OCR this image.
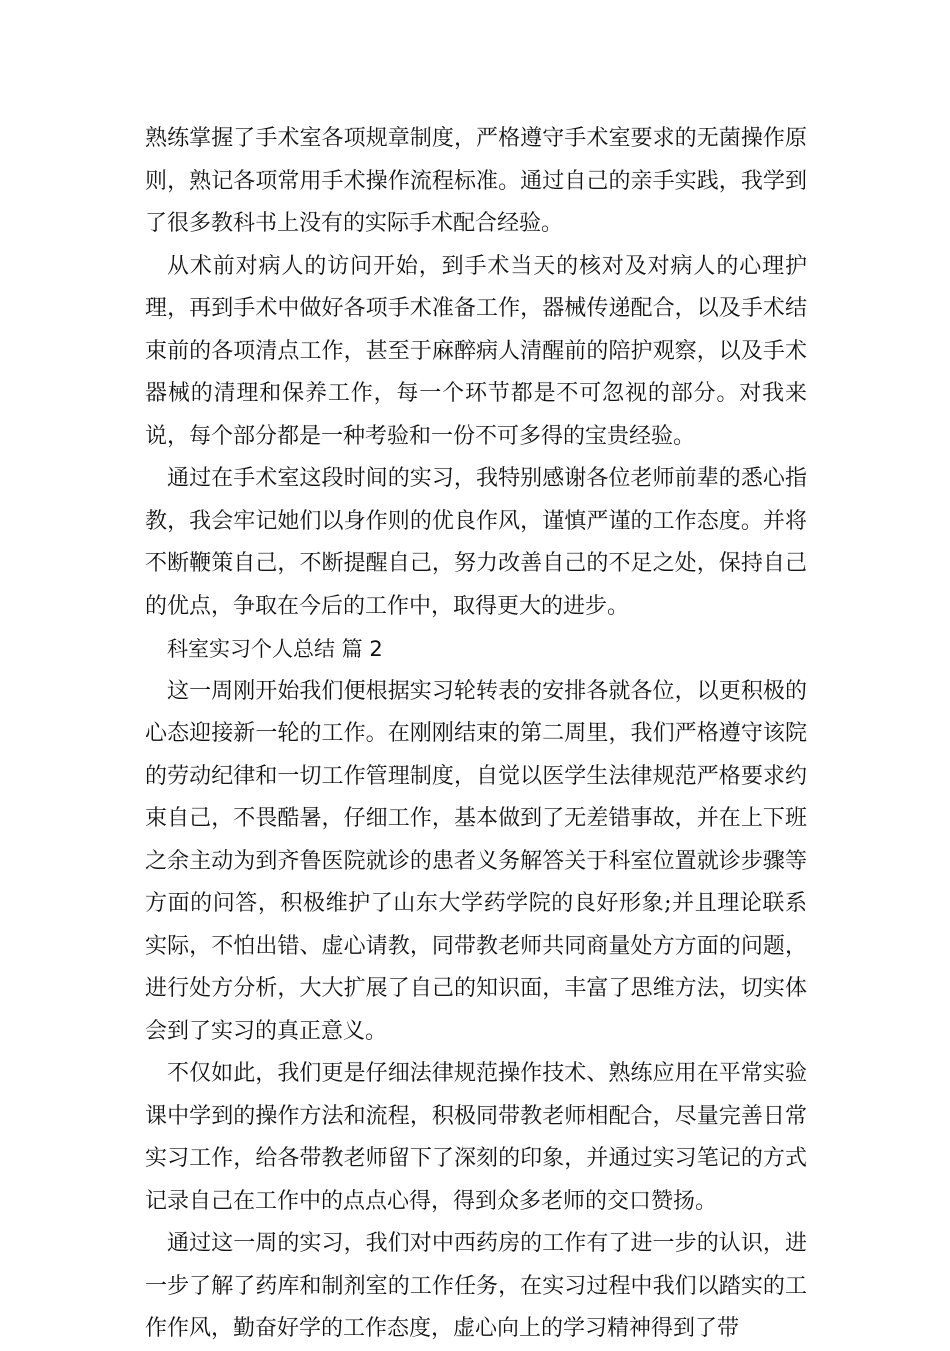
熟练掌握了手术室各项规章制度，严格遵守手术室要求的无菌操作原则，熟记各项常用手术操作流程标准。通过自己的亲手实践，我学到了很多教科书上没有的实际手术配合经验。

从术前对病人的访问开始，到手术当天的核对及对病人的心理护理，再到手术中做好各项手术准备工作，器械传递配合，以及手术结束前的各项清点工作，甚至于麻醉病人清醒前的陪护观察，以及手术器械的清理和保养工作，每一个环节都是不可忽视的部分。对我来说，每个部分都是一种考验和一份不可多得的宝贵经验。

通过在手术室这段时间的实习，我特别感谢各位老师前辈的悉心指教，我会牢记她们以身作则的优良作风，谨慎严谨的工作态度。并将不断鞭策自己，不断提醒自己，努力改善自己的不足之处，保持自己的优点，争取在今后的工作中，取得更大的进步。

科室实习个人总结 篇 2

这一周刚开始我们便根据实习轮转表的安排各就各位，以更积极的心态迎接新一轮的工作。在刚刚结束的第二周里，我们严格遵守该院的劳动纪律和一切工作管理制度，自觉以医学生法律规范严格要求约束自己，不畏酷暑，仔细工作，基本做到了无差错事故，并在上下班之余主动为到齐鲁医院就诊的患者义务解答关于科室位置就诊步骤等方面的问答，积极维护了山东大学药学院的良好形象;并且理论联系实际，不怕出错、虚心请教，同带教老师共同商量处方方面的问题，进行处方分析，大大扩展了自己的知识面，丰富了思维方法，切实体会到了实习的真正意义。

不仅如此，我们更是仔细法律规范操作技术、熟练应用在平常实验课中学到的操作方法和流程，积极同带教老师相配合，尽量完善日常实习工作，给各带教老师留下了深刻的印象，并通过实习笔记的方式记录自己在工作中的点点心得，得到众多老师的交口赞扬。

通过这一周的实习，我们对中西药房的工作有了进一步的认识，进一步了解了药库和制剂室的工作任务，在实习过程中我们以踏实的工作作风，勤奋好学的工作态度，虚心向上的学习精神得到了带
